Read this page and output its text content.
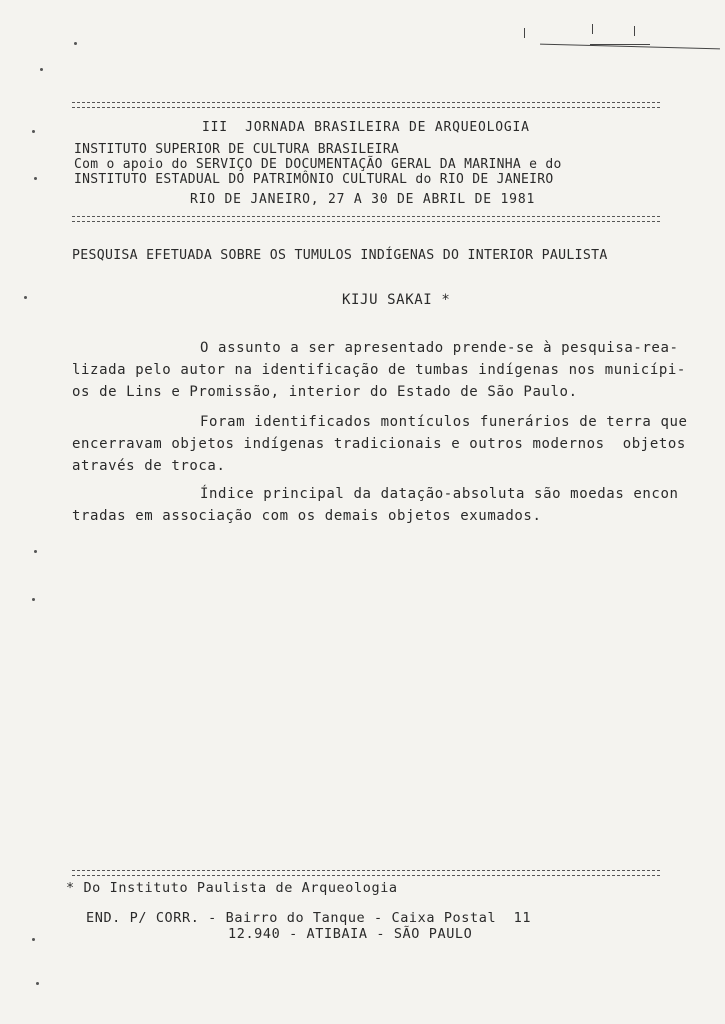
III  JORNADA BRASILEIRA DE ARQUEOLOGIA
INSTITUTO SUPERIOR DE CULTURA BRASILEIRA
Com o apoio do SERVIÇO DE DOCUMENTAÇÃO GERAL DA MARINHA e do
INSTITUTO ESTADUAL DO PATRIMÔNIO CULTURAL do RIO DE JANEIRO
RIO DE JANEIRO, 27 A 30 DE ABRIL DE 1981
PESQUISA EFETUADA SOBRE OS TUMULOS INDÍGENAS DO INTERIOR PAULISTA
KIJU SAKAI *
O assunto a ser apresentado prende-se à pesquisa-rea-
lizada pelo autor na identificação de tumbas indígenas nos municípi-
os de Lins e Promissão, interior do Estado de São Paulo.
Foram identificados montículos funerários de terra que
encerravam objetos indígenas tradicionais e outros modernos  objetos
através de troca.
Índice principal da datação-absoluta são moedas encon
tradas em associação com os demais objetos exumados.
* Do Instituto Paulista de Arqueologia
END. P/ CORR. - Bairro do Tanque - Caixa Postal  11
12.940 - ATIBAIA - SÃO PAULO
